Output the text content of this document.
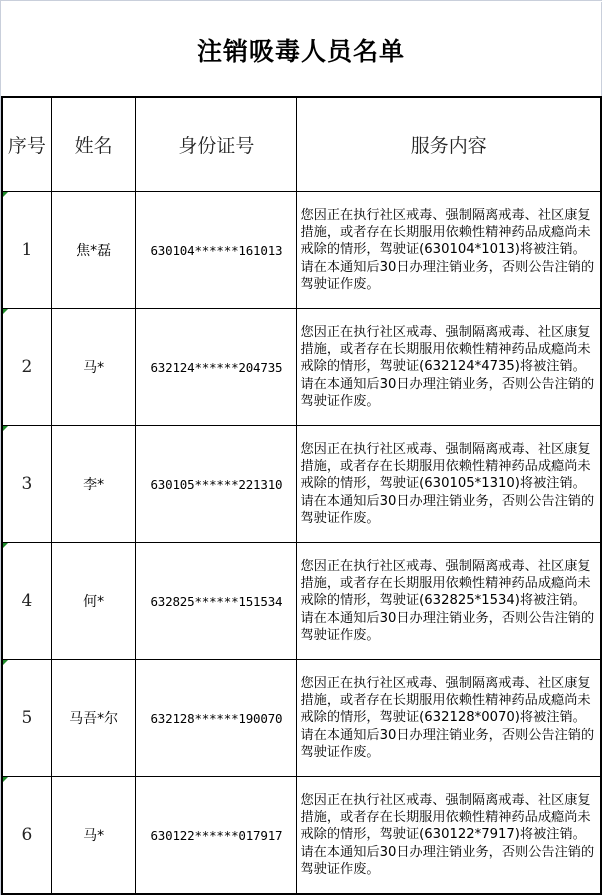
注销吸毒人员名单
序号	姓名	身份证号	服务内容
1	焦*磊	630104******161013	您因正在执行社区戒毒、强制隔离戒毒、社区康复措施，或者存在长期服用依赖性精神药品成瘾尚未戒除的情形，驾驶证(630104*1013)将被注销。请在本通知后30日办理注销业务，否则公告注销的驾驶证作废。
2	马*	632124******204735	您因正在执行社区戒毒、强制隔离戒毒、社区康复措施，或者存在长期服用依赖性精神药品成瘾尚未戒除的情形，驾驶证(632124*4735)将被注销。请在本通知后30日办理注销业务，否则公告注销的驾驶证作废。
3	李*	630105******221310	您因正在执行社区戒毒、强制隔离戒毒、社区康复措施，或者存在长期服用依赖性精神药品成瘾尚未戒除的情形，驾驶证(630105*1310)将被注销。请在本通知后30日办理注销业务，否则公告注销的驾驶证作废。
4	何*	632825******151534	您因正在执行社区戒毒、强制隔离戒毒、社区康复措施，或者存在长期服用依赖性精神药品成瘾尚未戒除的情形，驾驶证(632825*1534)将被注销。请在本通知后30日办理注销业务，否则公告注销的驾驶证作废。
5	马吾*尔	632128******190070	您因正在执行社区戒毒、强制隔离戒毒、社区康复措施，或者存在长期服用依赖性精神药品成瘾尚未戒除的情形，驾驶证(632128*0070)将被注销。请在本通知后30日办理注销业务，否则公告注销的驾驶证作废。
6	马*	630122******017917	您因正在执行社区戒毒、强制隔离戒毒、社区康复措施，或者存在长期服用依赖性精神药品成瘾尚未戒除的情形，驾驶证(630122*7917)将被注销。请在本通知后30日办理注销业务，否则公告注销的驾驶证作废。
